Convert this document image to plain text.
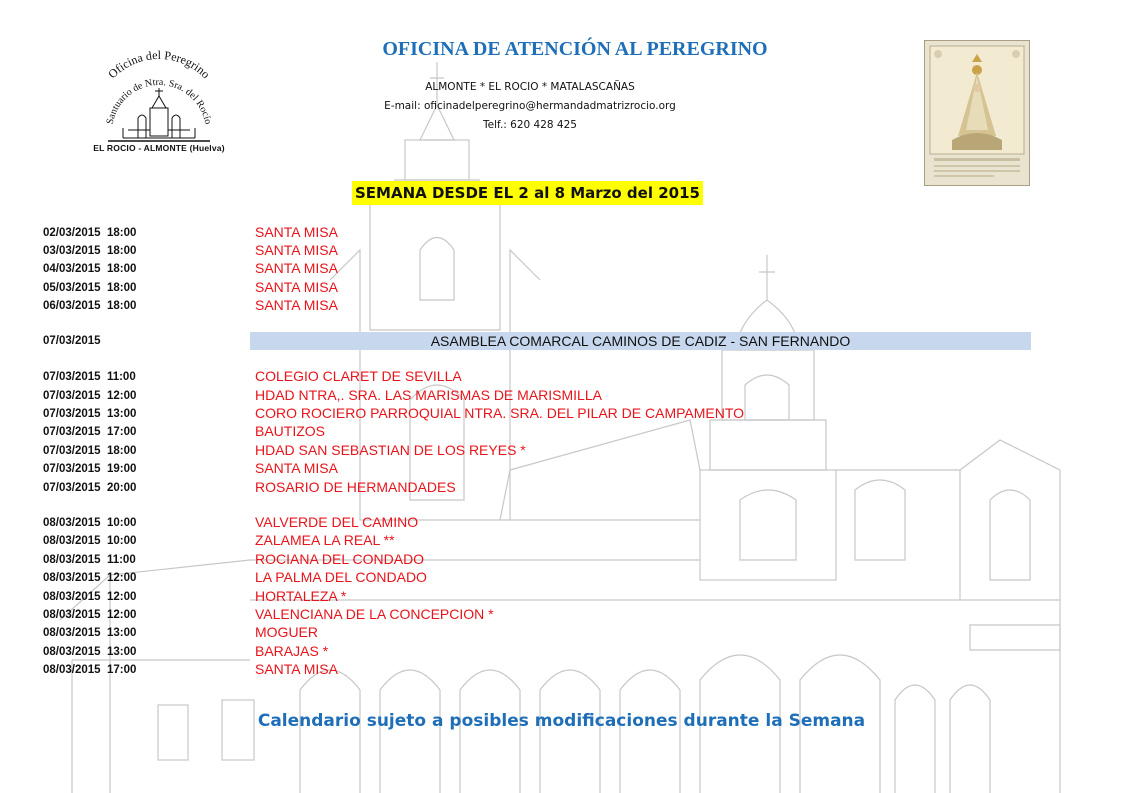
Oficina del Peregrino
Santuario de Ntra. Sra. del Rocío
EL ROCIO - ALMONTE (Huelva)
OFICINA DE ATENCIÓN AL PEREGRINO
ALMONTE * EL ROCIO * MATALASCAÑAS
E-mail: oficinadelperegrino@hermandadmatrizrocio.org
Telf.: 620 428 425
SEMANA DESDE EL 2 al 8 Marzo del 2015
02/03/2015  18:00	SANTA MISA
03/03/2015  18:00	SANTA MISA
04/03/2015  18:00	SANTA MISA
05/03/2015  18:00	SANTA MISA
06/03/2015  18:00	SANTA MISA
07/03/2015	ASAMBLEA COMARCAL CAMINOS DE CADIZ - SAN FERNANDO
07/03/2015  11:00	COLEGIO CLARET DE SEVILLA
07/03/2015  12:00	HDAD NTRA,. SRA. LAS MARISMAS DE MARISMILLA
07/03/2015  13:00	CORO ROCIERO PARROQUIAL NTRA. SRA. DEL PILAR DE CAMPAMENTO
07/03/2015  17:00	BAUTIZOS
07/03/2015  18:00	HDAD SAN SEBASTIAN DE LOS REYES *
07/03/2015  19:00	SANTA MISA
07/03/2015  20:00	ROSARIO DE HERMANDADES
08/03/2015  10:00	VALVERDE DEL CAMINO
08/03/2015  10:00	ZALAMEA LA REAL **
08/03/2015  11:00	ROCIANA DEL CONDADO
08/03/2015  12:00	LA PALMA DEL CONDADO
08/03/2015  12:00	HORTALEZA *
08/03/2015  12:00	VALENCIANA DE LA CONCEPCION *
08/03/2015  13:00	MOGUER
08/03/2015  13:00	BARAJAS *
08/03/2015  17:00	SANTA MISA
Calendario sujeto a posibles modificaciones durante la Semana
